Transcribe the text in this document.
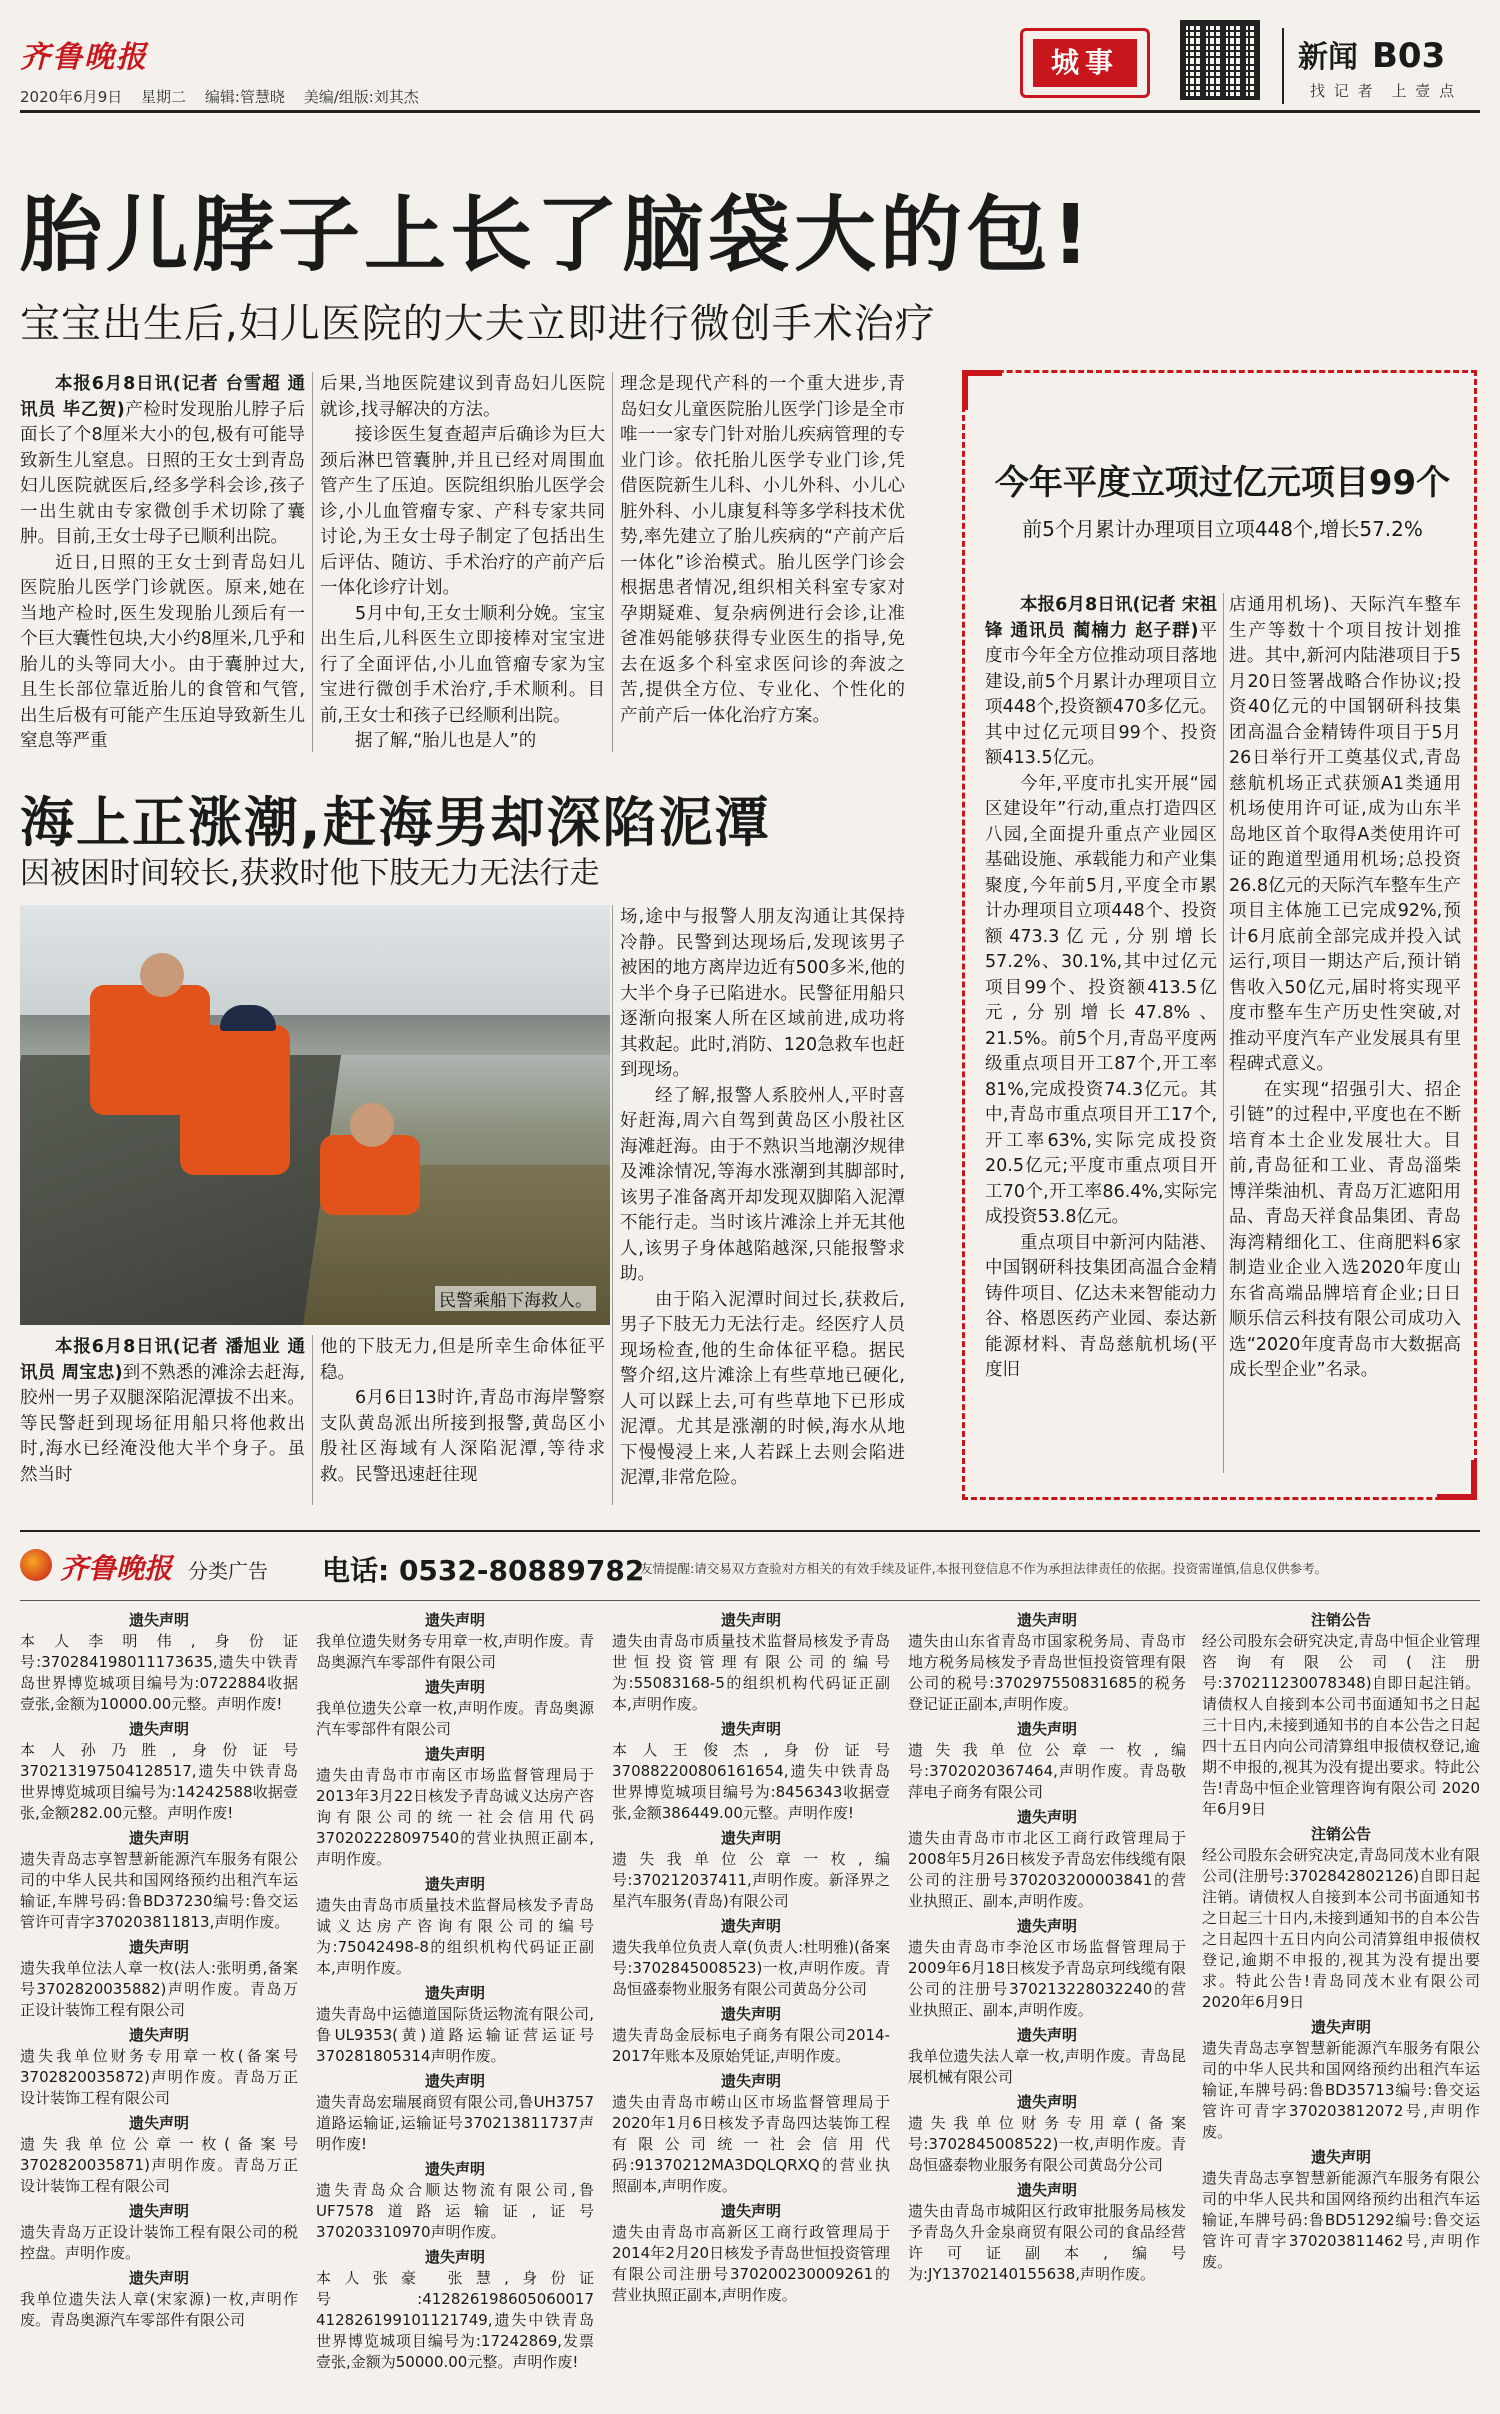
齐鲁晚报
2020年6月9日 星期二 编辑:管慧晓 美编/组版:刘其杰
城事	新闻 B03
找 记 者　上 壹 点
胎儿脖子上长了脑袋大的包!
宝宝出生后,妇儿医院的大夫立即进行微创手术治疗

本报6月8日讯(记者 台雪超 通讯员 毕乙贺)产检时发现胎儿脖子后面长了个8厘米大小的包,极有可能导致新生儿窒息。日照的王女士到青岛妇儿医院就医后,经多学科会诊,孩子一出生就由专家微创手术切除了囊肿。目前,王女士母子已顺利出院。

近日,日照的王女士到青岛妇儿医院胎儿医学门诊就医。原来,她在当地产检时,医生发现胎儿颈后有一个巨大囊性包块,大小约8厘米,几乎和胎儿的头等同大小。由于囊肿过大,且生长部位靠近胎儿的食管和气管,出生后极有可能产生压迫导致新生儿窒息等严重

后果,当地医院建议到青岛妇儿医院就诊,找寻解决的方法。

接诊医生复查超声后确诊为巨大颈后淋巴管囊肿,并且已经对周围血管产生了压迫。医院组织胎儿医学会诊,小儿血管瘤专家、产科专家共同讨论,为王女士母子制定了包括出生后评估、随访、手术治疗的产前产后一体化诊疗计划。

5月中旬,王女士顺利分娩。宝宝出生后,儿科医生立即接棒对宝宝进行了全面评估,小儿血管瘤专家为宝宝进行微创手术治疗,手术顺利。目前,王女士和孩子已经顺利出院。

据了解,“胎儿也是人”的

理念是现代产科的一个重大进步,青岛妇女儿童医院胎儿医学门诊是全市唯一一家专门针对胎儿疾病管理的专业门诊。依托胎儿医学专业门诊,凭借医院新生儿科、小儿外科、小儿心脏外科、小儿康复科等多学科技术优势,率先建立了胎儿疾病的“产前产后一体化”诊治模式。胎儿医学门诊会根据患者情况,组织相关科室专家对孕期疑难、复杂病例进行会诊,让准爸准妈能够获得专业医生的指导,免去在返多个科室求医问诊的奔波之苦,提供全方位、专业化、个性化的产前产后一体化治疗方案。

今年平度立项过亿元项目99个
前5个月累计办理项目立项448个,增长57.2%

本报6月8日讯(记者 宋祖锋 通讯员 蔺楠力 赵子群)平度市今年全方位推动项目落地建设,前5个月累计办理项目立项448个,投资额470多亿元。其中过亿元项目99个、投资额413.5亿元。

今年,平度市扎实开展“园区建设年”行动,重点打造四区八园,全面提升重点产业园区基础设施、承载能力和产业集聚度,今年前5月,平度全市累计办理项目立项448个、投资额473.3亿元,分别增长57.2%、30.1%,其中过亿元项目99个、投资额413.5亿元,分别增长47.8%、21.5%。前5个月,青岛平度两级重点项目开工87个,开工率81%,完成投资74.3亿元。其中,青岛市重点项目开工17个,开工率63%,实际完成投资20.5亿元;平度市重点项目开工70个,开工率86.4%,实际完成投资53.8亿元。

重点项目中新河内陆港、中国钢研科技集团高温合金精铸件项目、亿达未来智能动力谷、格恩医药产业园、泰达新能源材料、青岛慈航机场(平度旧

店通用机场)、天际汽车整车生产等数十个项目按计划推进。其中,新河内陆港项目于5月20日签署战略合作协议;投资40亿元的中国钢研科技集团高温合金精铸件项目于5月26日举行开工奠基仪式,青岛慈航机场正式获颁A1类通用机场使用许可证,成为山东半岛地区首个取得A类使用许可证的跑道型通用机场;总投资26.8亿元的天际汽车整车生产项目主体施工已完成92%,预计6月底前全部完成并投入试运行,项目一期达产后,预计销售收入50亿元,届时将实现平度市整车生产历史性突破,对推动平度汽车产业发展具有里程碑式意义。

在实现“招强引大、招企引链”的过程中,平度也在不断培育本土企业发展壮大。目前,青岛征和工业、青岛淄柴博洋柴油机、青岛万汇遮阳用品、青岛天祥食品集团、青岛海湾精细化工、住商肥料6家制造业企业入选2020年度山东省高端品牌培育企业;日日顺乐信云科技有限公司成功入选“2020年度青岛市大数据高成长型企业”名录。

海上正涨潮,赶海男却深陷泥潭
因被困时间较长,获救时他下肢无力无法行走
民警乘船下海救人。

本报6月8日讯(记者 潘旭业 通讯员 周宝忠)到不熟悉的滩涂去赶海,胶州一男子双腿深陷泥潭拔不出来。等民警赶到现场征用船只将他救出时,海水已经淹没他大半个身子。虽然当时

他的下肢无力,但是所幸生命体征平稳。

6月6日13时许,青岛市海岸警察支队黄岛派出所接到报警,黄岛区小殷社区海域有人深陷泥潭,等待求救。民警迅速赶往现

场,途中与报警人朋友沟通让其保持冷静。民警到达现场后,发现该男子被困的地方离岸边近有500多米,他的大半个身子已陷进水。民警征用船只逐渐向报案人所在区域前进,成功将其救起。此时,消防、120急救车也赶到现场。

经了解,报警人系胶州人,平时喜好赶海,周六自驾到黄岛区小殷社区海滩赶海。由于不熟识当地潮汐规律及滩涂情况,等海水涨潮到其脚部时,该男子准备离开却发现双脚陷入泥潭不能行走。当时该片滩涂上并无其他人,该男子身体越陷越深,只能报警求助。

由于陷入泥潭时间过长,获救后,男子下肢无力无法行走。经医疗人员现场检查,他的生命体征平稳。据民警介绍,这片滩涂上有些草地已硬化,人可以踩上去,可有些草地下已形成泥潭。尤其是涨潮的时候,海水从地下慢慢浸上来,人若踩上去则会陷进泥潭,非常危险。

齐鲁晚报 分类广告 电话: 0532-80889782
友情提醒:请交易双方查验对方相关的有效手续及证件,本报刊登信息不作为承担法律责任的依据。投资需谨慎,信息仅供参考。
遗失声明
本人李明伟,身份证号:370284198011173635,遗失中铁青岛世界博览城项目编号为:0722884收据壹张,金额为10000.00元整。声明作废!
遗失声明
本人孙乃胜,身份证号370213197504128517,遗失中铁青岛世界博览城项目编号为:14242588收据壹张,金额282.00元整。声明作废!
遗失声明
遗失青岛志享智慧新能源汽车服务有限公司的中华人民共和国网络预约出租汽车运输证,车牌号码:鲁BD37230编号:鲁交运管许可青字370203811813,声明作废。
遗失声明
遗失我单位法人章一枚(法人:张明勇,备案号3702820035882)声明作废。青岛万正设计装饰工程有限公司
遗失声明
遗失我单位财务专用章一枚(备案号3702820035872)声明作废。青岛万正设计装饰工程有限公司
遗失声明
遗失我单位公章一枚(备案号3702820035871)声明作废。青岛万正设计装饰工程有限公司
遗失声明
遗失青岛万正设计装饰工程有限公司的税控盘。声明作废。
遗失声明
我单位遗失法人章(宋家源)一枚,声明作废。青岛奥源汽车零部件有限公司
遗失声明
我单位遗失财务专用章一枚,声明作废。青岛奥源汽车零部件有限公司
遗失声明
我单位遗失公章一枚,声明作废。青岛奥源汽车零部件有限公司
遗失声明
遗失由青岛市市南区市场监督管理局于2013年3月22日核发予青岛诚义达房产咨询有限公司的统一社会信用代码370202228097540的营业执照正副本,声明作废。
遗失声明
遗失由青岛市质量技术监督局核发予青岛诚义达房产咨询有限公司的编号为:75042498-8的组织机构代码证正副本,声明作废。
遗失声明
遗失青岛中运德道国际货运物流有限公司,鲁UL9353(黄)道路运输证营运证号370281805314声明作废。
遗失声明
遗失青岛宏瑞展商贸有限公司,鲁UH3757道路运输证,运输证号370213811737声明作废!
遗失声明
遗失青岛众合顺达物流有限公司,鲁UF7578道路运输证,证号370203310970声明作废。
遗失声明
本人张豪 张慧,身份证号:412826198605060017 412826199101121749,遗失中铁青岛世界博览城项目编号为:17242869,发票壹张,金额为50000.00元整。声明作废!
遗失声明
遗失由青岛市质量技术监督局核发予青岛世恒投资管理有限公司的编号为:55083168-5的组织机构代码证正副本,声明作废。
遗失声明
本人王俊杰,身份证号370882200806161654,遗失中铁青岛世界博览城项目编号为:8456343收据壹张,金额386449.00元整。声明作废!
遗失声明
遗失我单位公章一枚,编号:370212037411,声明作废。新泽界之星汽车服务(青岛)有限公司
遗失声明
遗失我单位负责人章(负责人:杜明雅)(备案号:3702845008523)一枚,声明作废。青岛恒盛泰物业服务有限公司黄岛分公司
遗失声明
遗失青岛金辰标电子商务有限公司2014-2017年账本及原始凭证,声明作废。
遗失声明
遗失由青岛市崂山区市场监督管理局于2020年1月6日核发予青岛四达装饰工程有限公司统一社会信用代码:91370212MA3DQLQRXQ的营业执照副本,声明作废。
遗失声明
遗失由青岛市高新区工商行政管理局于2014年2月20日核发予青岛世恒投资管理有限公司注册号370200230009261的营业执照正副本,声明作废。
遗失声明
遗失由山东省青岛市国家税务局、青岛市地方税务局核发予青岛世恒投资管理有限公司的税号:370297550831685的税务登记证正副本,声明作废。
遗失声明
遗失我单位公章一枚,编号:3702020367464,声明作废。青岛敬萍电子商务有限公司
遗失声明
遗失由青岛市市北区工商行政管理局于2008年5月26日核发予青岛宏伟线缆有限公司的注册号370203200003841的营业执照正、副本,声明作废。
遗失声明
遗失由青岛市李沧区市场监督管理局于2009年6月18日核发予青岛京珂线缆有限公司的注册号370213228032240的营业执照正、副本,声明作废。
遗失声明
我单位遗失法人章一枚,声明作废。青岛昆展机械有限公司
遗失声明
遗失我单位财务专用章(备案号:3702845008522)一枚,声明作废。青岛恒盛泰物业服务有限公司黄岛分公司
遗失声明
遗失由青岛市城阳区行政审批服务局核发予青岛久升金泉商贸有限公司的食品经营许可证副本,编号为:JY13702140155638,声明作废。
注销公告
经公司股东会研究决定,青岛中恒企业管理咨询有限公司(注册号:370211230078348)自即日起注销。请债权人自接到本公司书面通知书之日起三十日内,未接到通知书的自本公告之日起四十五日内向公司清算组申报债权登记,逾期不申报的,视其为没有提出要求。特此公告!青岛中恒企业管理咨询有限公司 2020年6月9日
注销公告
经公司股东会研究决定,青岛同茂木业有限公司(注册号:370284280212​6)自即日起注销。请债权人自接到本公司书面通知书之日起三十日内,未接到通知书的自本公告之日起四十五日内向公司清算组申报债权登记,逾期不申报的,视其为没有提出要求。特此公告!青岛同茂木业有限公司 2020年6月9日
遗失声明
遗失青岛志享智慧新能源汽车服务有限公司的中华人民共和国网络预约出租汽车运输证,车牌号码:鲁BD35713编号:鲁交运管许可青字370203812072号,声明作废。
遗失声明
遗失青岛志享智慧新能源汽车服务有限公司的中华人民共和国网络预约出租汽车运输证,车牌号码:鲁BD51292编号:鲁交运管许可青字370203811462号,声明作废。
